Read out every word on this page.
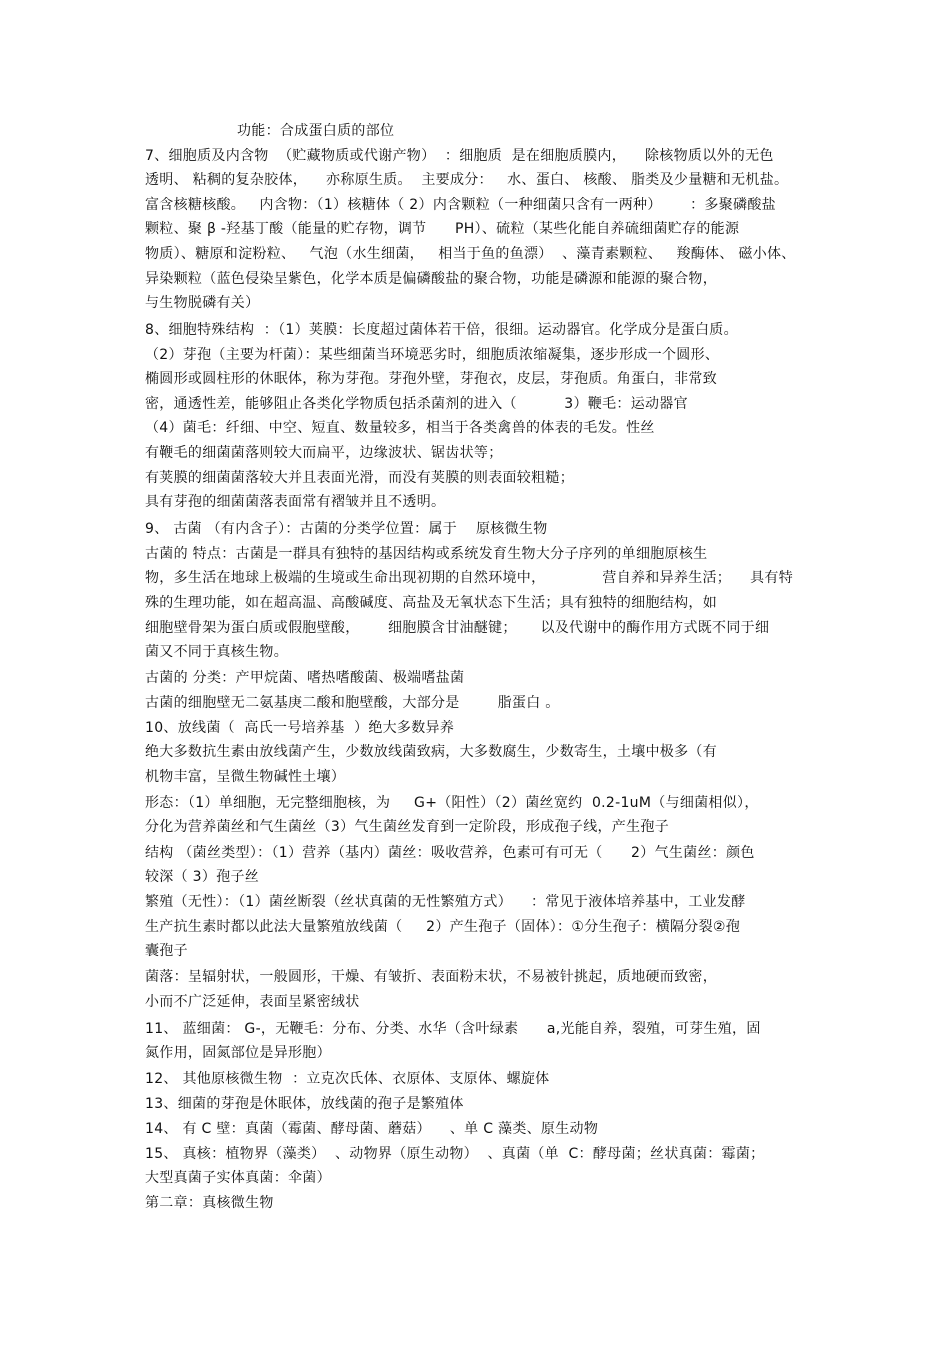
功能：合成蛋白质的部位
7、细胞质及内含物  （贮藏物质或代谢产物）  ：细胞质  是在细胞质膜内，    除核物质以外的无色
透明、 粘稠的复杂胶体，    亦称原生质。  主要成分：   水、蛋白、 核酸、 脂类及少量糖和无机盐。
富含核糖核酸。   内含物：（1）核糖体（ 2）内含颗粒（一种细菌只含有一两种）      ：多聚磷酸盐
颗粒、聚 β -羟基丁酸（能量的贮存物，调节      PH）、硫粒（某些化能自养硫细菌贮存的能源
物质）、糖原和淀粉粒、   气泡（水生细菌，   相当于鱼的鱼漂）  、藻青素颗粒、   羧酶体、 磁小体、
异染颗粒（蓝色侵染呈紫色，化学本质是偏磷酸盐的聚合物，功能是磷源和能源的聚合物，
与生物脱磷有关）
8、细胞特殊结构  ：（1）荚膜：长度超过菌体若干倍，很细。运动器官。化学成分是蛋白质。
（2）芽孢（主要为杆菌）：某些细菌当环境恶劣时，细胞质浓缩凝集，逐步形成一个圆形、
椭圆形或圆柱形的休眠体，称为芽孢。芽孢外壁，芽孢衣，皮层，芽孢质。角蛋白，非常致
密，通透性差，能够阻止各类化学物质包括杀菌剂的进入（          3）鞭毛：运动器官
（4）菌毛：纤细、中空、短直、数量较多，相当于各类禽兽的体表的毛发。性丝
有鞭毛的细菌菌落则较大而扁平，边缘波状、锯齿状等；
有荚膜的细菌菌落较大并且表面光滑，而没有荚膜的则表面较粗糙；
具有芽孢的细菌菌落表面常有褶皱并且不透明。
9、 古菌 （有内含子）：古菌的分类学位置：属于    原核微生物
古菌的 特点：古菌是一群具有独特的基因结构或系统发育生物大分子序列的单细胞原核生
物，多生活在地球上极端的生境或生命出现初期的自然环境中，            营自养和异养生活；    具有特
殊的生理功能，如在超高温、高酸碱度、高盐及无氧状态下生活；具有独特的细胞结构，如
细胞壁骨架为蛋白质或假胞壁酸，      细胞膜含甘油醚键；     以及代谢中的酶作用方式既不同于细
菌又不同于真核生物。
古菌的 分类：产甲烷菌、嗜热嗜酸菌、极端嗜盐菌
古菌的细胞壁无二氨基庚二酸和胞壁酸，大部分是        脂蛋白 。
10、放线菌（  高氏一号培养基  ）绝大多数异养
绝大多数抗生素由放线菌产生，少数放线菌致病，大多数腐生，少数寄生，土壤中极多（有
机物丰富，呈微生物碱性土壤）
形态：（1）单细胞，无完整细胞核，为     G+（阳性）（2）菌丝宽约  0.2-1uM（与细菌相似），
分化为营养菌丝和气生菌丝（3）气生菌丝发育到一定阶段，形成孢子线，产生孢子
结构 （菌丝类型）：（1）营养（基内）菌丝：吸收营养，色素可有可无（      2）气生菌丝：颜色
较深（ 3）孢子丝
繁殖（无性）：（1）菌丝断裂（丝状真菌的无性繁殖方式）    ：常见于液体培养基中，工业发酵
生产抗生素时都以此法大量繁殖放线菌（     2）产生孢子（固体）：①分生孢子：横隔分裂②孢
囊孢子
菌落：呈辐射状，一般圆形，干燥、有皱折、表面粉末状，不易被针挑起，质地硬而致密，
小而不广泛延伸，表面呈紧密绒状
11、 蓝细菌： G-，无鞭毛：分布、分类、水华（含叶绿素      a,光能自养，裂殖，可芽生殖，固
氮作用，固氮部位是异形胞）
12、 其他原核微生物  ：立克次氏体、衣原体、支原体、螺旋体
13、细菌的芽孢是休眠体，放线菌的孢子是繁殖体
14、 有 C 壁：真菌（霉菌、酵母菌、蘑菇）    、单 C 藻类、原生动物
15、 真核：植物界（藻类）  、动物界（原生动物）  、真菌（单  C：酵母菌；丝状真菌：霉菌；
大型真菌子实体真菌：伞菌）
第二章：真核微生物
